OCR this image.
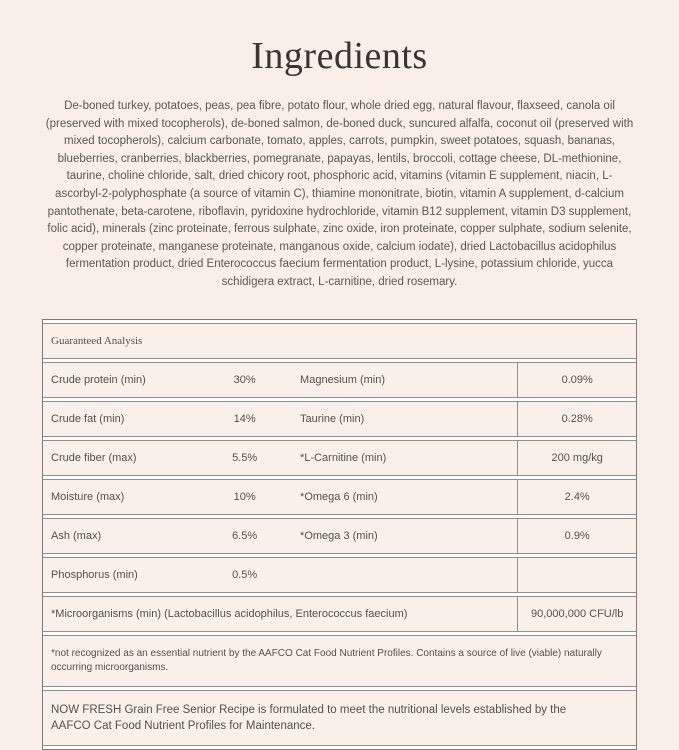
Ingredients

De-boned turkey, potatoes, peas, pea fibre, potato flour, whole dried egg, natural flavour, flaxseed, canola oil (preserved with mixed tocopherols), de-boned salmon, de-boned duck, suncured alfalfa, coconut oil (preserved with mixed tocopherols), calcium carbonate, tomato, apples, carrots, pumpkin, sweet potatoes, squash, bananas, blueberries, cranberries, blackberries, pomegranate, papayas, lentils, broccoli, cottage cheese, DL-methionine, taurine, choline chloride, salt, dried chicory root, phosphoric acid, vitamins (vitamin E supplement, niacin, L-ascorbyl-2-polyphosphate (a source of vitamin C), thiamine mononitrate, biotin, vitamin A supplement, d-calcium pantothenate, beta-carotene, riboflavin, pyridoxine hydrochloride, vitamin B12 supplement, vitamin D3 supplement, folic acid), minerals (zinc proteinate, ferrous sulphate, zinc oxide, iron proteinate, copper sulphate, sodium selenite, copper proteinate, manganese proteinate, manganous oxide, calcium iodate), dried Lactobacillus acidophilus fermentation product, dried Enterococcus faecium fermentation product, L-lysine, potassium chloride, yucca schidigera extract, L-carnitine, dried rosemary.

Guaranteed Analysis			
Crude protein (min)	30%	Magnesium (min)	0.09%
Crude fat (min)	14%	Taurine (min)	0.28%
Crude fiber (max)	5.5%	*L-Carnitine (min)	200 mg/kg
Moisture (max)	10%	*Omega 6 (min)	2.4%
Ash (max)	6.5%	*Omega 3 (min)	0.9%
Phosphorus (min)	0.5%		
*Microorganisms (min) (Lactobacillus acidophilus, Enterococcus faecium)			90,000,000 CFU/lb

*not recognized as an essential nutrient by the AAFCO Cat Food Nutrient Profiles. Contains a source of live (viable) naturally occurring microorganisms.			

NOW FRESH Grain Free Senior Recipe is formulated to meet the nutritional levels established by the AAFCO Cat Food Nutrient Profiles for Maintenance.			
